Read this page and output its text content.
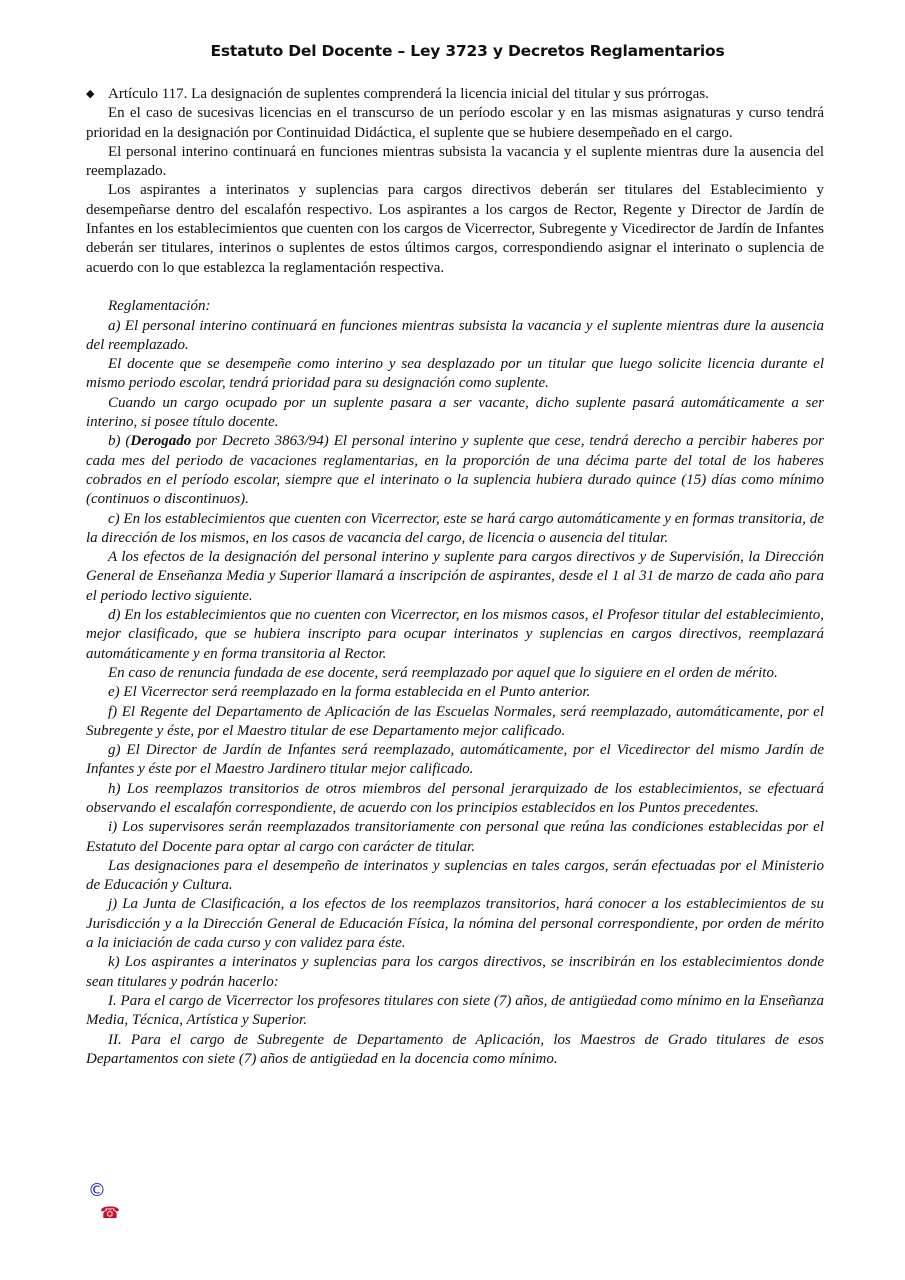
Estatuto Del Docente – Ley 3723 y Decretos Reglamentarios

◆ Artículo 117. La designación de suplentes comprenderá la licencia inicial del titular y sus prórrogas.

En el caso de sucesivas licencias en el transcurso de un período escolar y en las mismas asignaturas y curso tendrá prioridad en la designación por Continuidad Didáctica, el suplente que se hubiere desempeñado en el cargo.

El personal interino continuará en funciones mientras subsista la vacancia y el suplente mientras dure la ausencia del reemplazado.

Los aspirantes a interinatos y suplencias para cargos directivos deberán ser titulares del Establecimiento y desempeñarse dentro del escalafón respectivo. Los aspirantes a los cargos de Rector, Regente y Director de Jardín de Infantes en los establecimientos que cuenten con los cargos de Vicerrector, Subregente y Vicedirector de Jardín de Infantes deberán ser titulares, interinos o suplentes de estos últimos cargos, correspondiendo asignar el interinato o suplencia de acuerdo con lo que establezca la reglamentación respectiva.

Reglamentación:

a) El personal interino continuará en funciones mientras subsista la vacancia y el suplente mientras dure la ausencia del reemplazado.

El docente que se desempeñe como interino y sea desplazado por un titular que luego solicite licencia durante el mismo periodo escolar, tendrá prioridad para su designación como suplente.

Cuando un cargo ocupado por un suplente pasara a ser vacante, dicho suplente pasará automáticamente a ser interino, si posee título docente.

b) (Derogado por Decreto 3863/94) El personal interino y suplente que cese, tendrá derecho a percibir haberes por cada mes del periodo de vacaciones reglamentarias, en la proporción de una décima parte del total de los haberes cobrados en el período escolar, siempre que el interinato o la suplencia hubiera durado quince (15) días como mínimo (continuos o discontinuos).

c) En los establecimientos que cuenten con Vicerrector, este se hará cargo automáticamente y en formas transitoria, de la dirección de los mismos, en los casos de vacancia del cargo, de licencia o ausencia del titular.

A los efectos de la designación del personal interino y suplente para cargos directivos y de Supervisión, la Dirección General de Enseñanza Media y Superior llamará a inscripción de aspirantes, desde el 1 al 31 de marzo de cada año para el periodo lectivo siguiente.

d) En los establecimientos que no cuenten con Vicerrector, en los mismos casos, el Profesor titular del establecimiento, mejor clasificado, que se hubiera inscripto para ocupar interinatos y suplencias en cargos directivos, reemplazará automáticamente y en forma transitoria al Rector.

En caso de renuncia fundada de ese docente, será reemplazado por aquel que lo siguiere en el orden de mérito.

e) El Vicerrector será reemplazado en la forma establecida en el Punto anterior.

f) El Regente del Departamento de Aplicación de las Escuelas Normales, será reemplazado, automáticamente, por el Subregente y éste, por el Maestro titular de ese Departamento mejor calificado.

g) El Director de Jardín de Infantes será reemplazado, automáticamente, por el Vicedirector del mismo Jardín de Infantes y éste por el Maestro Jardinero titular mejor calificado.

h) Los reemplazos transitorios de otros miembros del personal jerarquizado de los establecimientos, se efectuará observando el escalafón correspondiente, de acuerdo con los principios establecidos en los Puntos precedentes.

i) Los supervisores serán reemplazados transitoriamente con personal que reúna las condiciones establecidas por el Estatuto del Docente para optar al cargo con carácter de titular.

Las designaciones para el desempeño de interinatos y suplencias en tales cargos, serán efectuadas por el Ministerio de Educación y Cultura.

j) La Junta de Clasificación, a los efectos de los reemplazos transitorios, hará conocer a los establecimientos de su Jurisdicción y a la Dirección General de Educación Física, la nómina del personal correspondiente, por orden de mérito a la iniciación de cada curso y con validez para éste.

k) Los aspirantes a interinatos y suplencias para los cargos directivos, se inscribirán en los establecimientos donde sean titulares y podrán hacerlo:

I. Para el cargo de Vicerrector los profesores titulares con siete (7) años, de antigüedad como mínimo en la Enseñanza Media, Técnica, Artística y Superior.

II. Para el cargo de Subregente de Departamento de Aplicación, los Maestros de Grado titulares de esos Departamentos con siete (7) años de antigüedad en la docencia como mínimo.

©
☎
